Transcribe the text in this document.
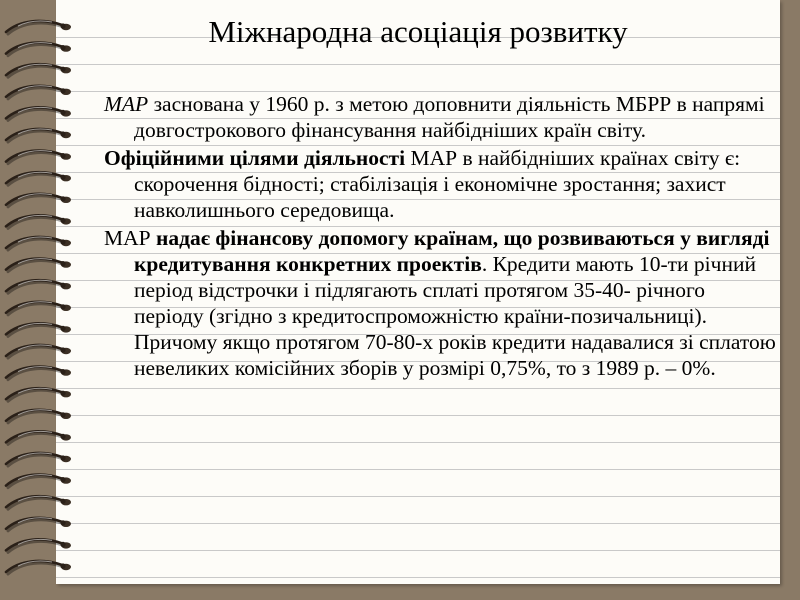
Міжнародна асоціація розвитку

МАР заснована у 1960 р. з метою доповнити діяльність МБРР в напрямі довгострокового фінансування найбідніших країн світу.

Офіційними цілями діяльності МАР в найбідніших країнах світу є: скорочення бідності; стабілізація і економічне зростання; захист навколишнього середовища.

МАР надає фінансову допомогу країнам, що розвиваються у вигляді кредитування конкретних проектів. Кредити мають 10-ти річний період відстрочки і підлягають сплаті протягом 35-40- річного періоду (згідно з кредитоспроможністю країни-позичальниці). Причому якщо протягом 70-80-х років кредити надавалися зі сплатою невеликих комісійних зборів у розмірі 0,75%, то з 1989 р. – 0%.
